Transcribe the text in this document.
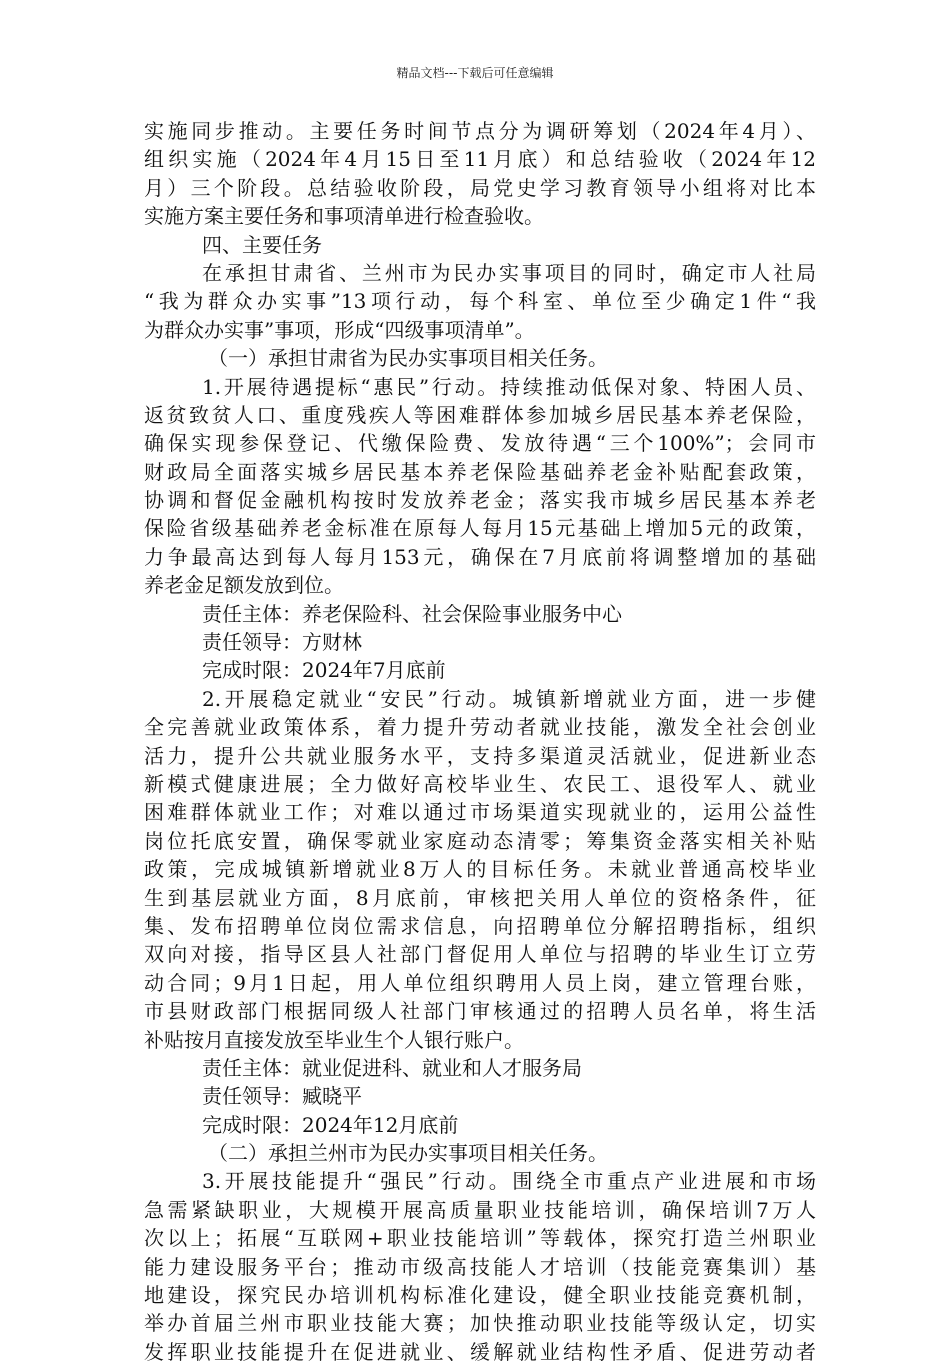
精品文档---下载后可任意编辑
实施同步推动。主要任务时间节点分为调研筹划（2024年4月）、
组织实施（2024年4月15日至11月底）和总结验收（2024年12
月）三个阶段。总结验收阶段，局党史学习教育领导小组将对比本
实施方案主要任务和事项清单进行检查验收。
四、主要任务
在承担甘肃省、兰州市为民办实事项目的同时，确定市人社局
“我为群众办实事”13项行动，每个科室、单位至少确定1件“我
为群众办实事”事项，形成“四级事项清单”。
（一）承担甘肃省为民办实事项目相关任务。
1.开展待遇提标“惠民”行动。持续推动低保对象、特困人员、
返贫致贫人口、重度残疾人等困难群体参加城乡居民基本养老保险，
确保实现参保登记、代缴保险费、发放待遇“三个100%”；会同市
财政局全面落实城乡居民基本养老保险基础养老金补贴配套政策，
协调和督促金融机构按时发放养老金；落实我市城乡居民基本养老
保险省级基础养老金标准在原每人每月15元基础上增加5元的政策，
力争最高达到每人每月153元，确保在7月底前将调整增加的基础
养老金足额发放到位。
责任主体：养老保险科、社会保险事业服务中心
责任领导：方财林
完成时限：2024年7月底前
2.开展稳定就业“安民”行动。城镇新增就业方面，进一步健
全完善就业政策体系，着力提升劳动者就业技能，激发全社会创业
活力，提升公共就业服务水平，支持多渠道灵活就业，促进新业态
新模式健康进展；全力做好高校毕业生、农民工、退役军人、就业
困难群体就业工作；对难以通过市场渠道实现就业的，运用公益性
岗位托底安置，确保零就业家庭动态清零；筹集资金落实相关补贴
政策，完成城镇新增就业8万人的目标任务。未就业普通高校毕业
生到基层就业方面，8月底前，审核把关用人单位的资格条件，征
集、发布招聘单位岗位需求信息，向招聘单位分解招聘指标，组织
双向对接，指导区县人社部门督促用人单位与招聘的毕业生订立劳
动合同；9月1日起，用人单位组织聘用人员上岗，建立管理台账，
市县财政部门根据同级人社部门审核通过的招聘人员名单，将生活
补贴按月直接发放至毕业生个人银行账户。
责任主体：就业促进科、就业和人才服务局
责任领导：臧晓平
完成时限：2024年12月底前
（二）承担兰州市为民办实事项目相关任务。
3.开展技能提升“强民”行动。围绕全市重点产业进展和市场
急需紧缺职业，大规模开展高质量职业技能培训，确保培训7万人
次以上；拓展“互联网+职业技能培训”等载体，探究打造兰州职业
能力建设服务平台；推动市级高技能人才培训（技能竞赛集训）基
地建设，探究民办培训机构标准化建设，健全职业技能竞赛机制，
举办首届兰州市职业技能大赛；加快推动职业技能等级认定，切实
发挥职业技能提升在促进就业、缓解就业结构性矛盾、促进劳动者
